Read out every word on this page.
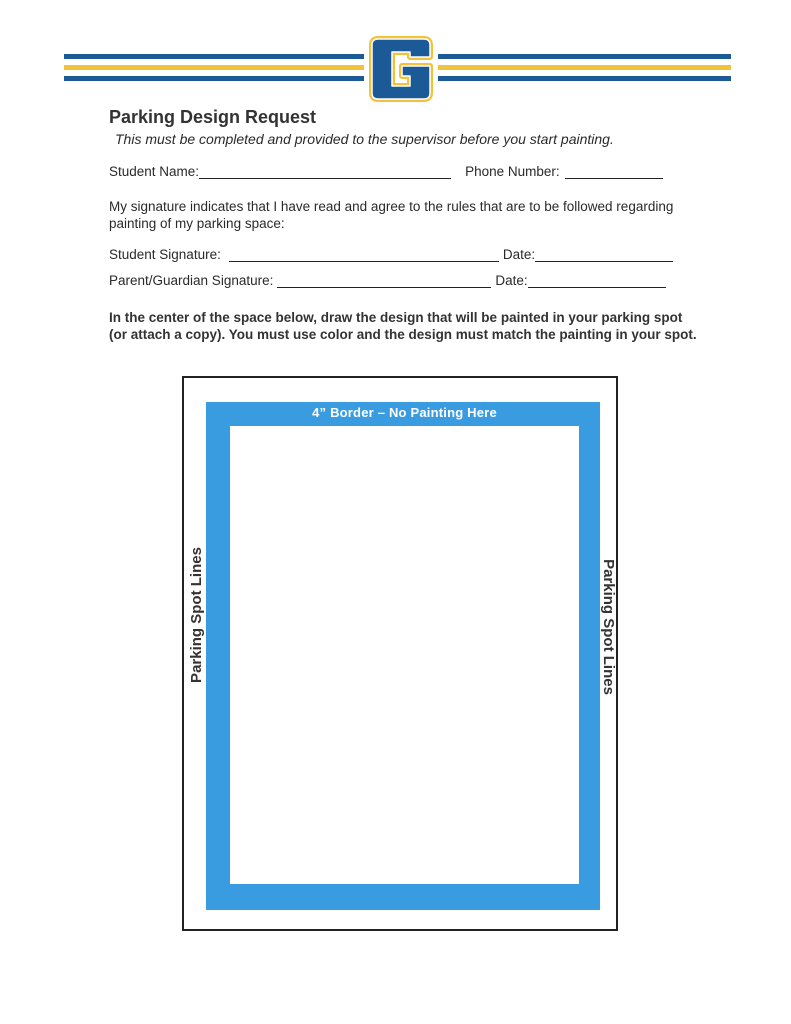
Parking Design Request

This must be completed and provided to the supervisor before you start painting.

Student Name:	Phone Number:

My signature indicates that I have read and agree to the rules that are to be followed regarding painting of my parking space:

Student Signature:	Date:
Parent/Guardian Signature:	Date:

In the center of the space below, draw the design that will be painted in your parking spot (or attach a copy). You must use color and the design must match the painting in your spot.

4” Border – No Painting Here
Parking Spot Lines	Parking Spot Lines
